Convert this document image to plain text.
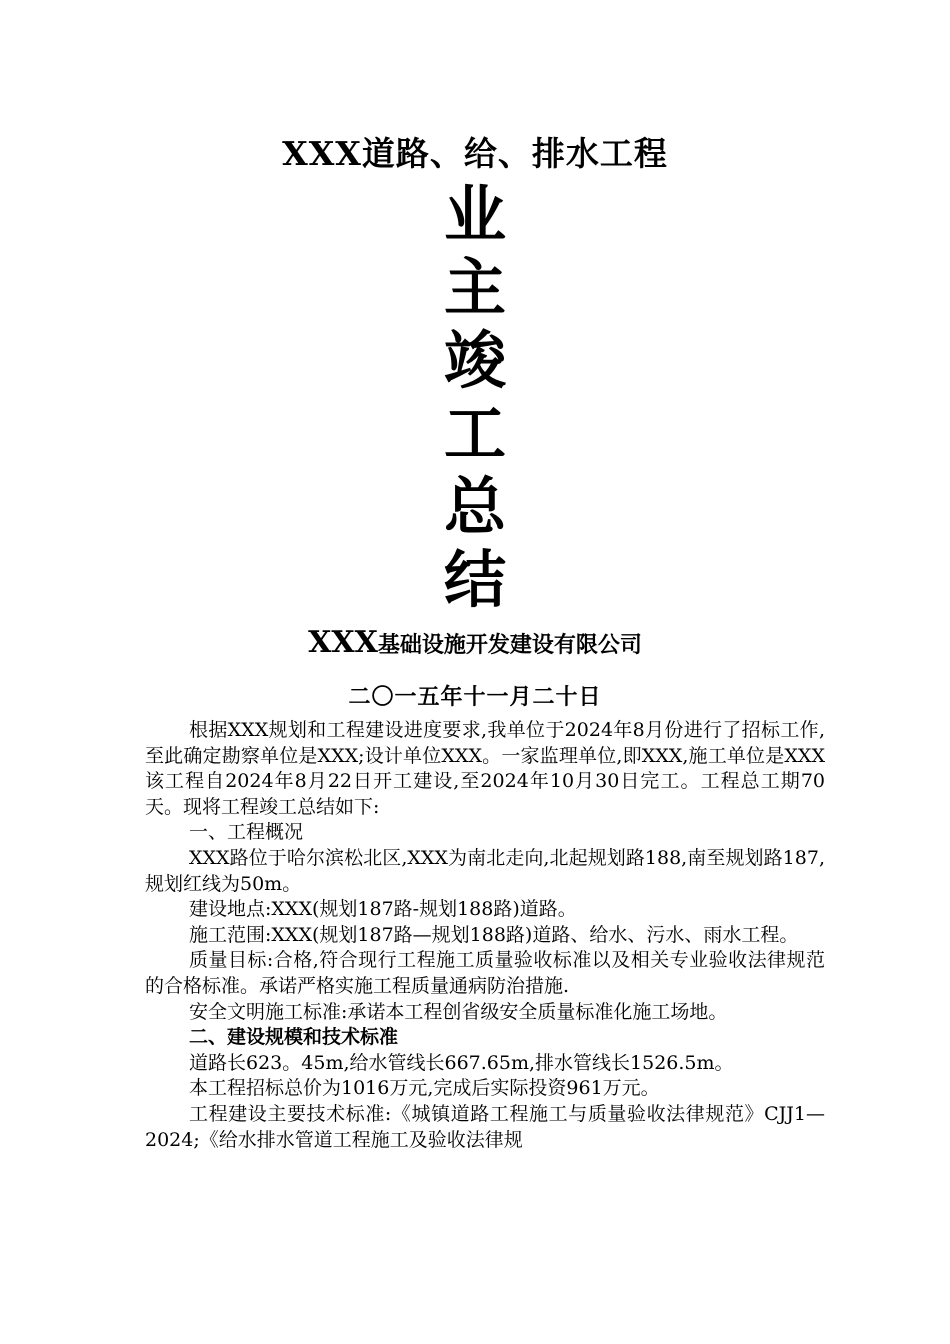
XXX道路、给、排水工程
业
主
竣
工
总
结
XXX基础设施开发建设有限公司
二〇一五年十一月二十日

根据XXX规划和工程建设进度要求,我单位于2024年8月份进行了招标工作,至此确定勘察单位是XXX;设计单位XXX。一家监理单位,即XXX,施工单位是XXX该工程自2024年8月22日开工建设,至2024年10月30日完工。工程总工期70天。现将工程竣工总结如下:

一、工程概况

XXX路位于哈尔滨松北区,XXX为南北走向,北起规划路188,南至规划路187,规划红线为50m。

建设地点:XXX(规划187路-规划188路)道路。

施工范围:XXX(规划187路—规划188路)道路、给水、污水、雨水工程。

质量目标:合格,符合现行工程施工质量验收标准以及相关专业验收法律规范的合格标准。承诺严格实施工程质量通病防治措施.

安全文明施工标准:承诺本工程创省级安全质量标准化施工场地。

二、建设规模和技术标准

道路长623。45m,给水管线长667.65m,排水管线长1526.5m。

本工程招标总价为1016万元,完成后实际投资961万元。

工程建设主要技术标准:《城镇道路工程施工与质量验收法律规范》CJJ1—2024;《给水排水管道工程施工及验收法律规
